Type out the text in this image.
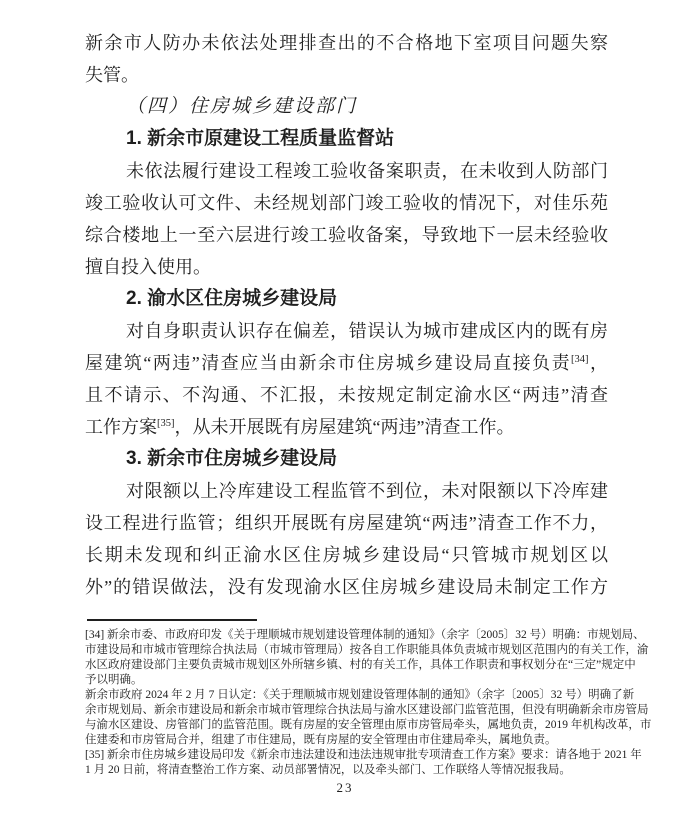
新余市人防办未依法处理排查出的不合格地下室项目问题失察
失管。
（四）住房城乡建设部门
1. 新余市原建设工程质量监督站
未依法履行建设工程竣工验收备案职责，在未收到人防部门
竣工验收认可文件、未经规划部门竣工验收的情况下，对佳乐苑
综合楼地上一至六层进行竣工验收备案，导致地下一层未经验收
擅自投入使用。
2. 渝水区住房城乡建设局
对自身职责认识存在偏差，错误认为城市建成区内的既有房
屋建筑“两违”清查应当由新余市住房城乡建设局直接负责[34]，
且不请示、不沟通、不汇报，未按规定制定渝水区“两违”清查
工作方案[35]，从未开展既有房屋建筑“两违”清查工作。
3. 新余市住房城乡建设局
对限额以上冷库建设工程监管不到位，未对限额以下冷库建
设工程进行监管；组织开展既有房屋建筑“两违”清查工作不力，
长期未发现和纠正渝水区住房城乡建设局“只管城市规划区以
外”的错误做法，没有发现渝水区住房城乡建设局未制定工作方
[34] 新余市委、市政府印发《关于理顺城市规划建设管理体制的通知》（余字〔2005〕32 号）明确：市规划局、
市建设局和市城市管理综合执法局（市城市管理局）按各自工作职能具体负责城市规划区范围内的有关工作，渝
水区政府建设部门主要负责城市规划区外所辖乡镇、村的有关工作，具体工作职责和事权划分在“三定”规定中
予以明确。
新余市政府 2024 年 2 月 7 日认定：《关于理顺城市规划建设管理体制的通知》（余字〔2005〕32 号）明确了新
余市规划局、新余市建设局和新余市城市管理综合执法局与渝水区建设部门监管范围，但没有明确新余市房管局
与渝水区建设、房管部门的监管范围。既有房屋的安全管理由原市房管局牵头，属地负责，2019 年机构改革，市
住建委和市房管局合并，组建了市住建局，既有房屋的安全管理由市住建局牵头，属地负责。
[35] 新余市住房城乡建设局印发《新余市违法建设和违法违规审批专项清查工作方案》要求：请各地于 2021 年
1 月 20 日前，将清查整治工作方案、动员部署情况，以及牵头部门、工作联络人等情况报我局。
23
